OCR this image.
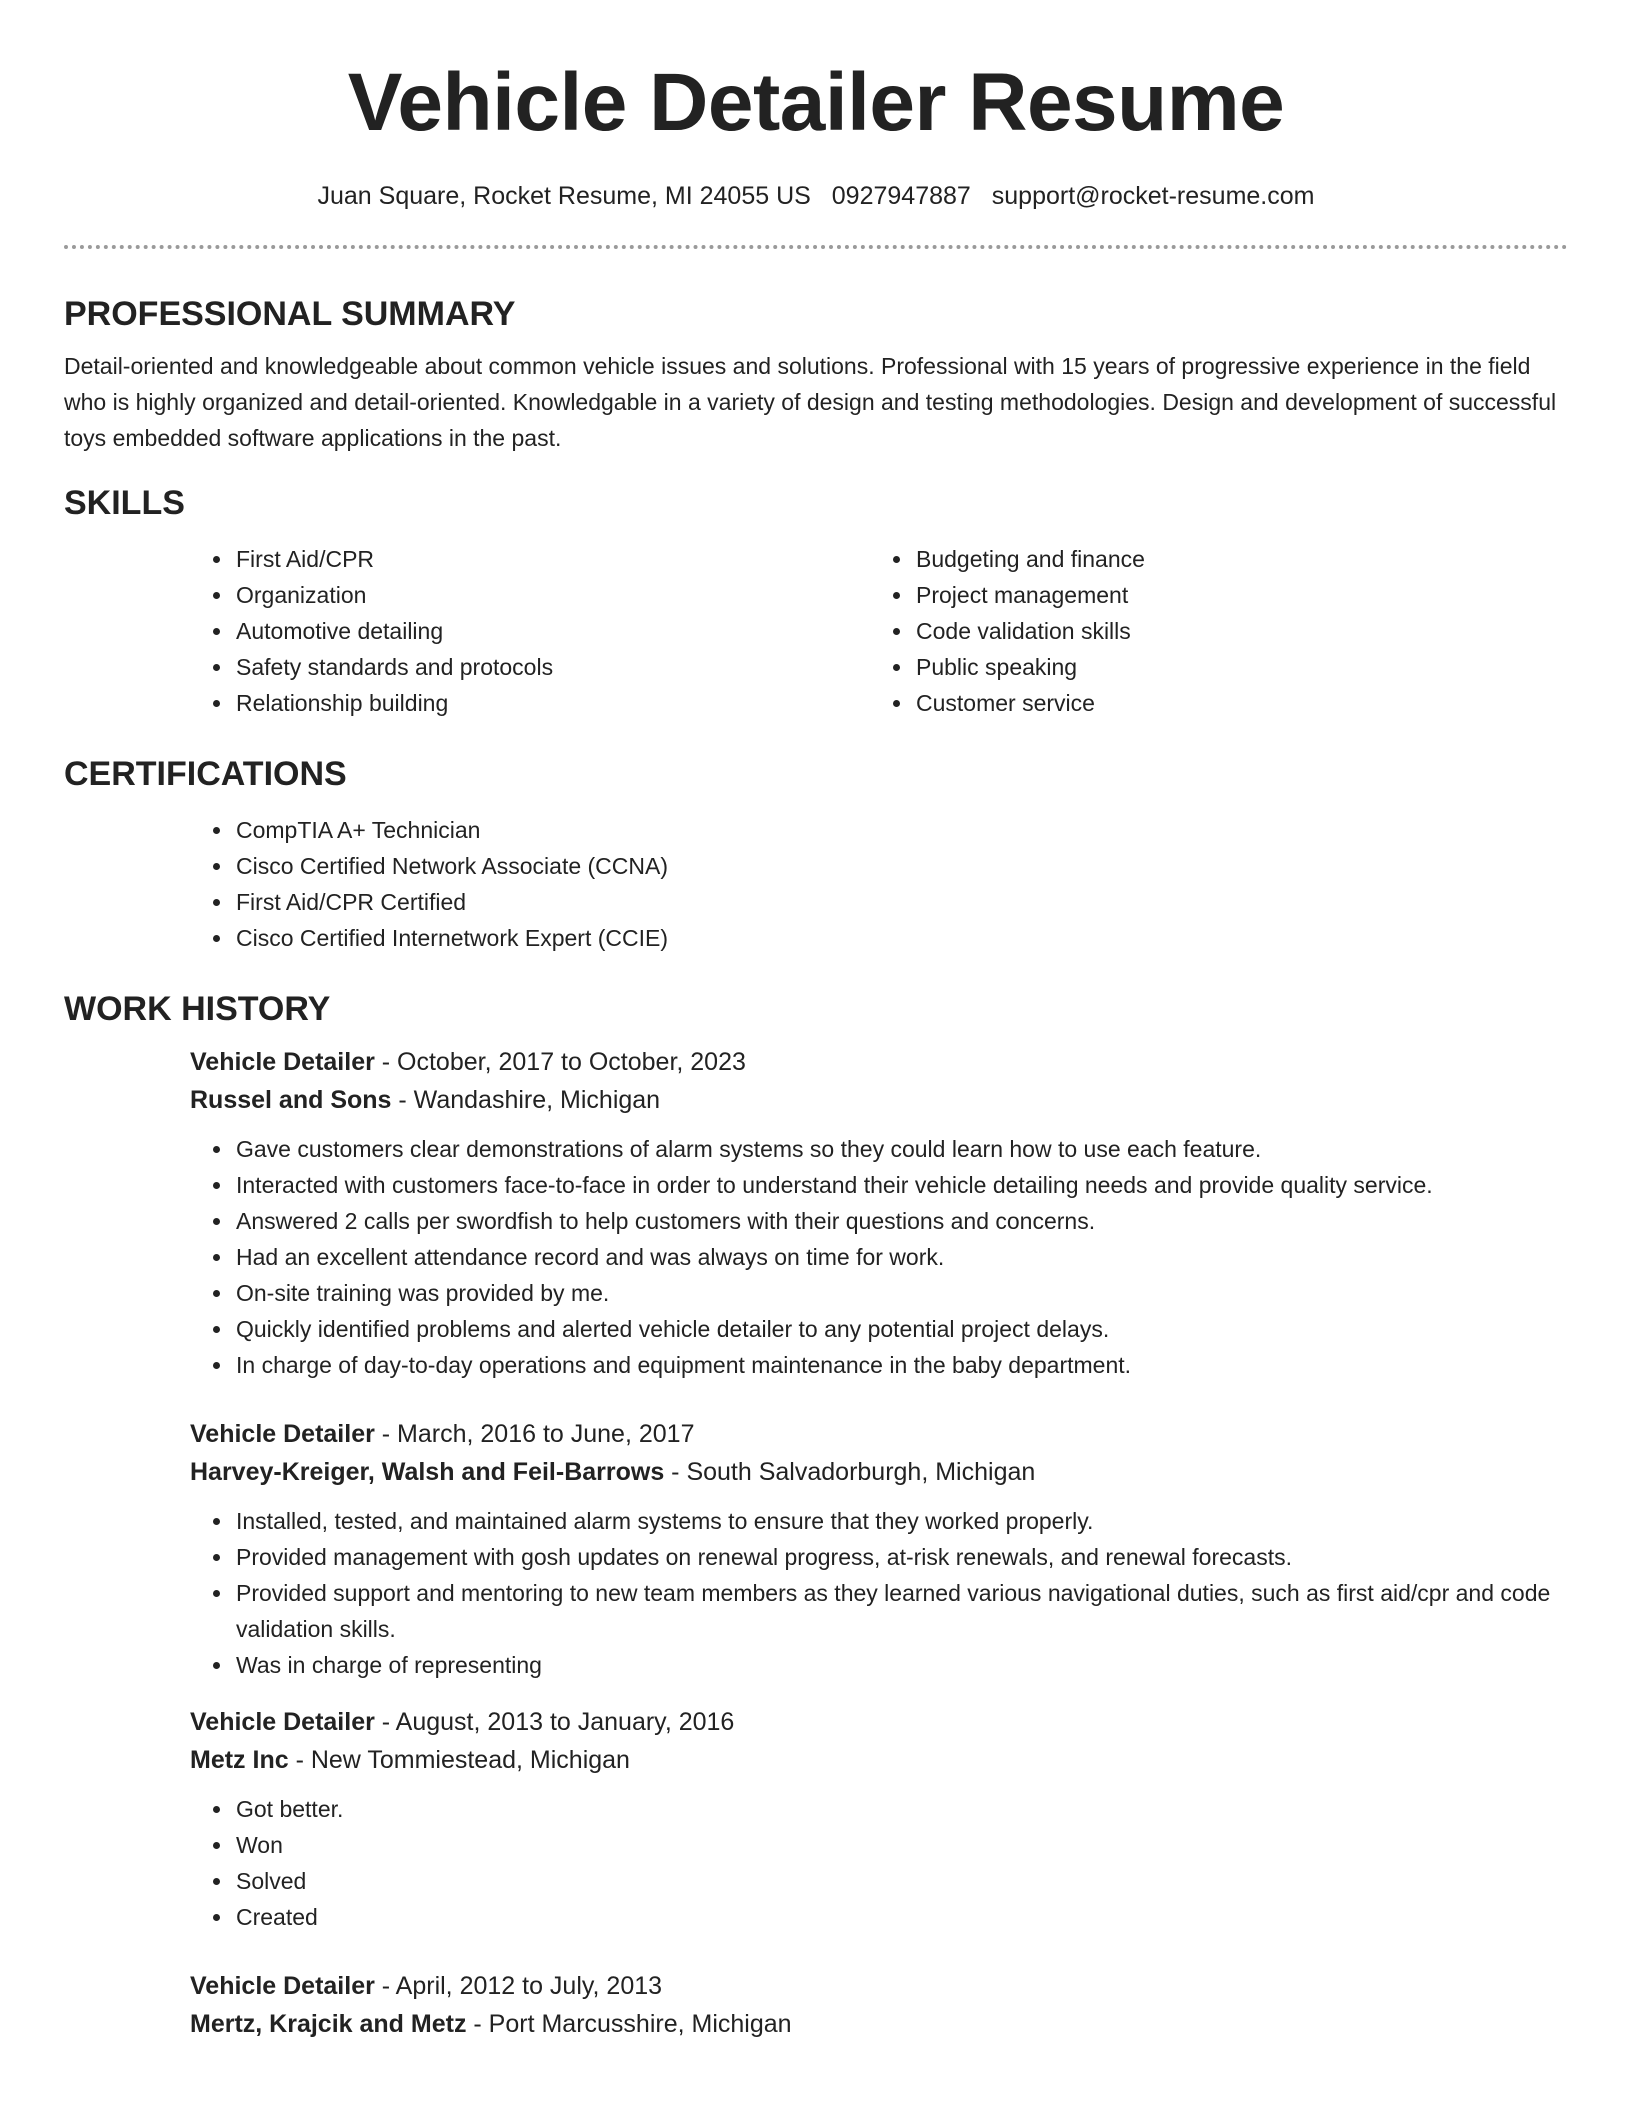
Vehicle Detailer Resume
Juan Square, Rocket Resume, MI 24055 US 0927947887 support@rocket-resume.com
PROFESSIONAL SUMMARY

Detail-oriented and knowledgeable about common vehicle issues and solutions. Professional with 15 years of progressive experience in the field who is highly organized and detail-oriented. Knowledgable in a variety of design and testing methodologies. Design and development of successful toys embedded software applications in the past.

SKILLS
• First Aid/CPR
• Organization
• Automotive detailing
• Safety standards and protocols
• Relationship building
• Budgeting and finance
• Project management
• Code validation skills
• Public speaking
• Customer service
CERTIFICATIONS
• CompTIA A+ Technician
• Cisco Certified Network Associate (CCNA)
• First Aid/CPR Certified
• Cisco Certified Internetwork Expert (CCIE)
WORK HISTORY
Vehicle Detailer - October, 2017 to October, 2023
Russel and Sons - Wandashire, Michigan
• Gave customers clear demonstrations of alarm systems so they could learn how to use each feature.
• Interacted with customers face-to-face in order to understand their vehicle detailing needs and provide quality service.
• Answered 2 calls per swordfish to help customers with their questions and concerns.
• Had an excellent attendance record and was always on time for work.
• On-site training was provided by me.
• Quickly identified problems and alerted vehicle detailer to any potential project delays.
• In charge of day-to-day operations and equipment maintenance in the baby department.
Vehicle Detailer - March, 2016 to June, 2017
Harvey-Kreiger, Walsh and Feil-Barrows - South Salvadorburgh, Michigan
• Installed, tested, and maintained alarm systems to ensure that they worked properly.
• Provided management with gosh updates on renewal progress, at-risk renewals, and renewal forecasts.
• Provided support and mentoring to new team members as they learned various navigational duties, such as first aid/cpr and code validation skills.
• Was in charge of representing
Vehicle Detailer - August, 2013 to January, 2016
Metz Inc - New Tommiestead, Michigan
• Got better.
• Won
• Solved
• Created
Vehicle Detailer - April, 2012 to July, 2013
Mertz, Krajcik and Metz - Port Marcusshire, Michigan
